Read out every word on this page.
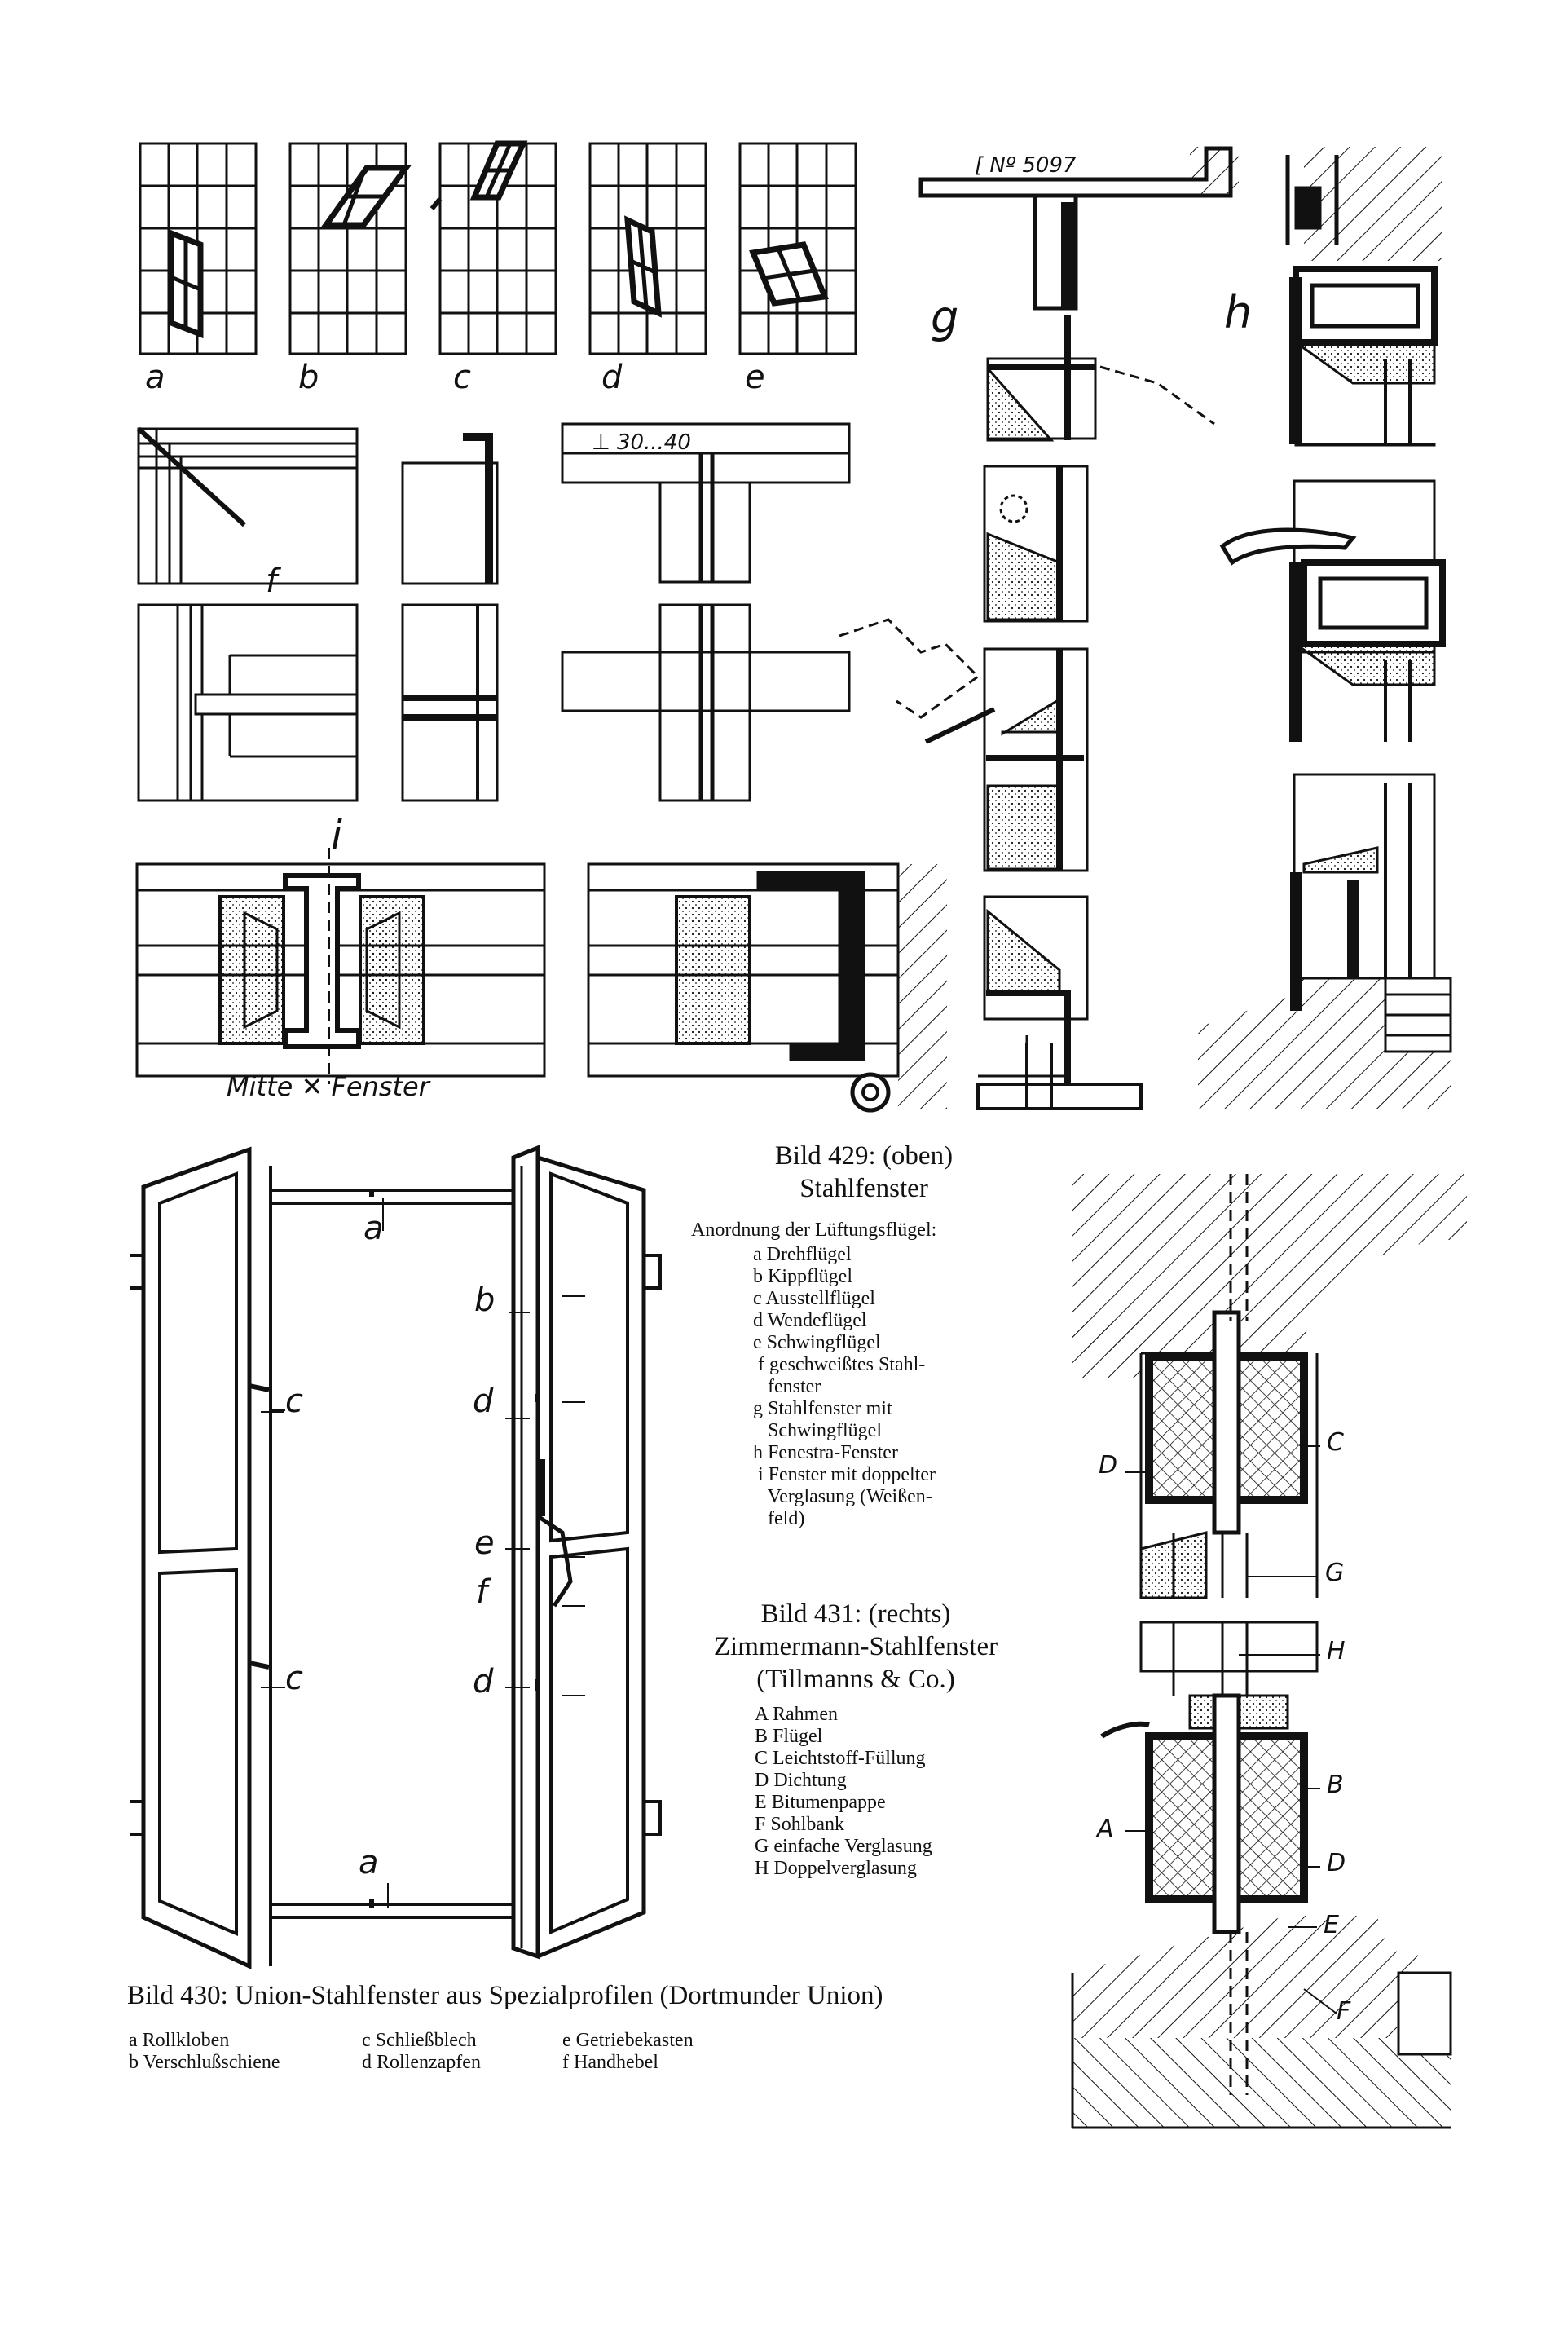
a	b	c	d	e
f
g	h
i
⊥ 30...40
[ Nº 5097
Mitte ✕ Fenster
a
b
c	d
c
e
f
d
a
D
C
G
H
B
A
D
E
F
Bild 429: (oben)
Stahlfenster
Anordnung der Lüftungsflügel:
a Drehflügel
b Kippflügel
c Ausstellflügel
d Wendeflügel
e Schwingflügel
f geschweißtes Stahl-
fenster
g Stahlfenster mit
Schwingflügel
h Fenestra-Fenster
i Fenster mit doppelter
Verglasung (Weißen-
feld)
Bild 431: (rechts)
Zimmermann-Stahlfenster
(Tillmanns & Co.)
A Rahmen
B Flügel
C Leichtstoff-Füllung
D Dichtung
E Bitumenpappe
F Sohlbank
G einfache Verglasung
H Doppelverglasung
Bild 430: Union-Stahlfenster aus Spezialprofilen (Dortmunder Union)
a Rollkloben
b Verschlußschiene
c Schließblech
d Rollenzapfen
e Getriebekasten
f Handhebel
